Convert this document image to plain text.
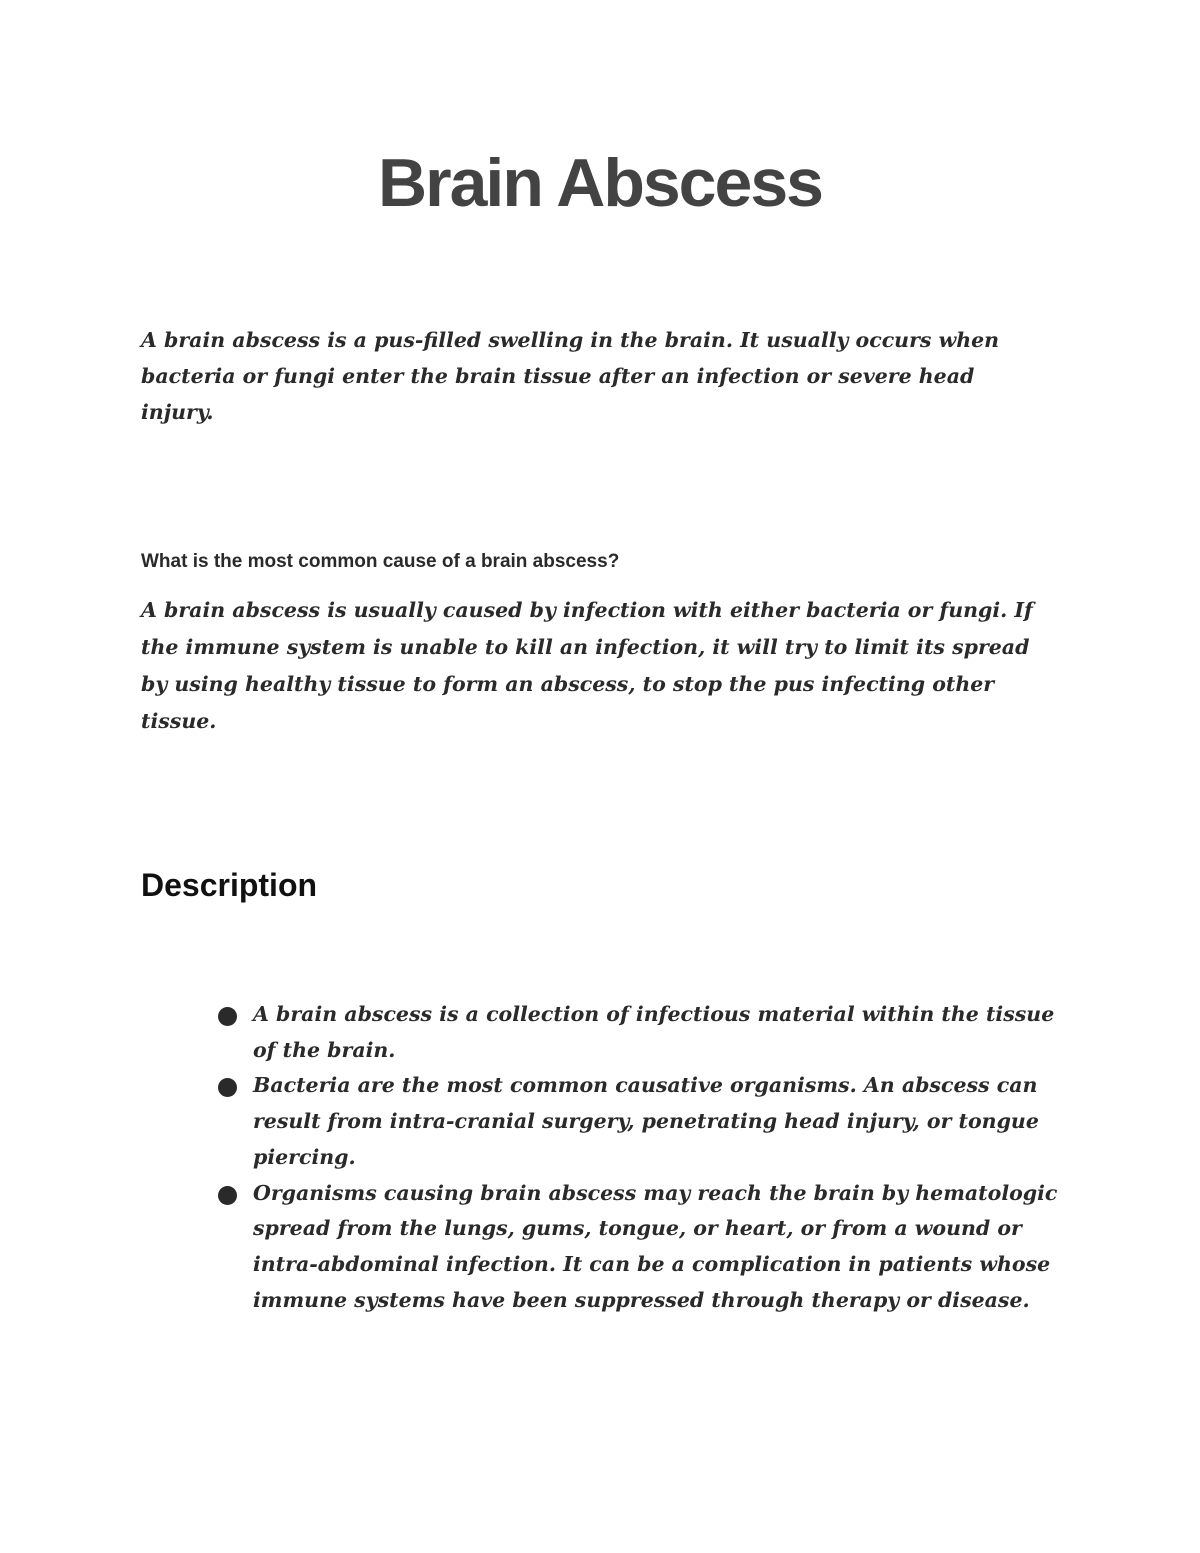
Brain Abscess

A brain abscess is a pus-filled swelling in the brain. It usually occurs when bacteria or fungi enter the brain tissue after an infection or severe head injury.

What is the most common cause of a brain abscess?

A brain abscess is usually caused by infection with either bacteria or fungi. If the immune system is unable to kill an infection, it will try to limit its spread by using healthy tissue to form an abscess, to stop the pus infecting other tissue.

Description
A brain abscess is a collection of infectious material within the tissue of the brain.
Bacteria are the most common causative organisms. An abscess can result from intra-cranial surgery, penetrating head injury, or tongue piercing.
Organisms causing brain abscess may reach the brain by hematologic spread from the lungs, gums, tongue, or heart, or from a wound or intra-abdominal infection. It can be a complication in patients whose immune systems have been suppressed through therapy or disease.
